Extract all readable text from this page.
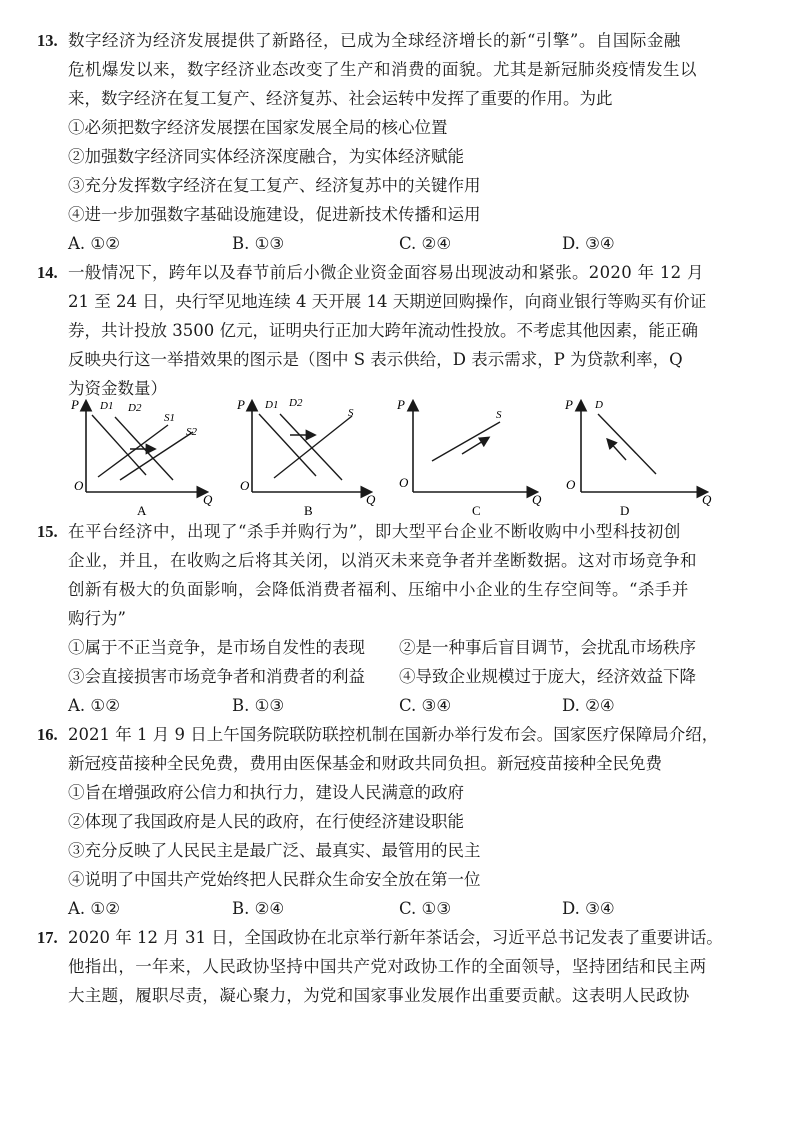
13. 数字经济为经济发展提供了新路径，已成为全球经济增长的新“引擎”。自国际金融
危机爆发以来，数字经济业态改变了生产和消费的面貌。尤其是新冠肺炎疫情发生以
来，数字经济在复工复产、经济复苏、社会运转中发挥了重要的作用。为此
①必须把数字经济发展摆在国家发展全局的核心位置
②加强数字经济同实体经济深度融合，为实体经济赋能
③充分发挥数字经济在复工复产、经济复苏中的关键作用
④进一步加强数字基础设施建设，促进新技术传播和运用
A. ①②	B. ①③	C. ②④	D. ③④
14. 一般情况下，跨年以及春节前后小微企业资金面容易出现波动和紧张。2020 年 12 月
21 至 24 日，央行罕见地连续 4 天开展 14 天期逆回购操作，向商业银行等购买有价证
券，共计投放 3500 亿元，证明央行正加大跨年流动性投放。不考虑其他因素，能正确
反映央行这一举措效果的图示是（图中 S 表示供给，D 表示需求，P 为贷款利率，Q
为资金数量）
P
Q
O
D1 D2
S1
S2
A
P
Q
O
D1 D2
S
B
P
Q
O
S
C
P
Q
O
D
D
15. 在平台经济中，出现了“杀手并购行为”，即大型平台企业不断收购中小型科技初创
企业，并且，在收购之后将其关闭，以消灭未来竞争者并垄断数据。这对市场竞争和
创新有极大的负面影响，会降低消费者福利、压缩中小企业的生存空间等。“杀手并
购行为”
①属于不正当竞争，是市场自发性的表现 ②是一种事后盲目调节，会扰乱市场秩序
③会直接损害市场竞争者和消费者的利益 ④导致企业规模过于庞大，经济效益下降
A. ①②	B. ①③	C. ③④	D. ②④
16. 2021 年 1 月 9 日上午国务院联防联控机制在国新办举行发布会。国家医疗保障局介绍，
新冠疫苗接种全民免费，费用由医保基金和财政共同负担。新冠疫苗接种全民免费
①旨在增强政府公信力和执行力，建设人民满意的政府
②体现了我国政府是人民的政府，在行使经济建设职能
③充分反映了人民民主是最广泛、最真实、最管用的民主
④说明了中国共产党始终把人民群众生命安全放在第一位
A. ①②	B. ②④	C. ①③	D. ③④
17. 2020 年 12 月 31 日，全国政协在北京举行新年茶话会，习近平总书记发表了重要讲话。
他指出，一年来，人民政协坚持中国共产党对政协工作的全面领导，坚持团结和民主两
大主题，履职尽责，凝心聚力，为党和国家事业发展作出重要贡献。这表明人民政协
